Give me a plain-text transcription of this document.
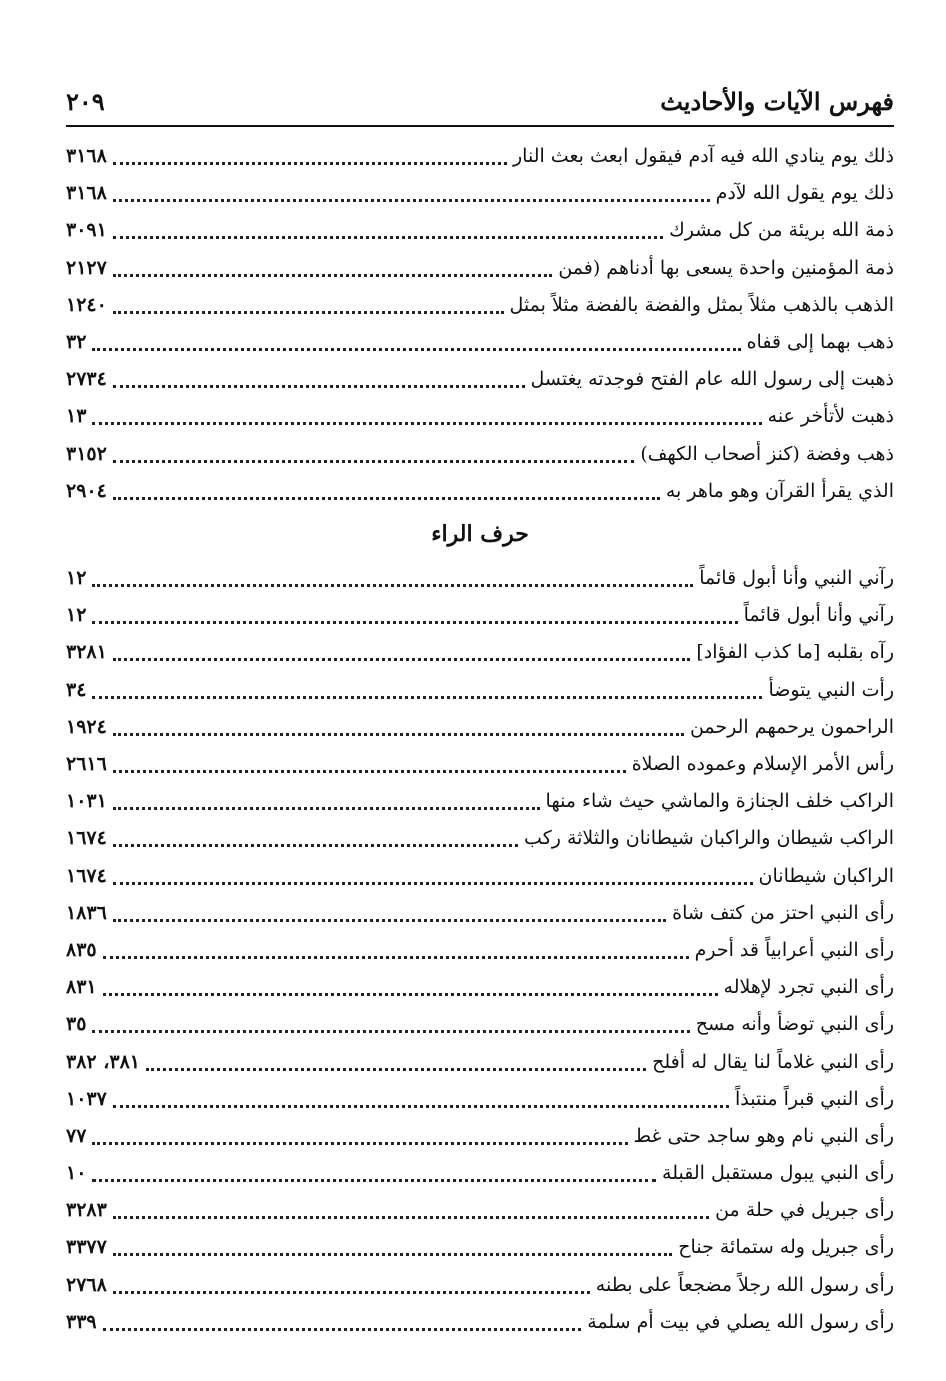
فهرس الآيات والأحاديث
٢٠٩
ذلك يوم ينادي الله فيه آدم فيقول ابعث بعث النار
٣١٦٨
ذلك يوم يقول الله لآدم
٣١٦٨
ذمة الله بريئة من كل مشرك
٣٠٩١
ذمة المؤمنين واحدة يسعى بها أدناهم (فمن
٢١٢٧
الذهب بالذهب مثلاً بمثل والفضة بالفضة مثلاً بمثل
١٢٤٠
ذهب بهما إلى قفاه
٣٢
ذهبت إلى رسول الله عام الفتح فوجدته يغتسل
٢٧٣٤
ذهبت لأتأخر عنه
١٣
ذهب وفضة (كنز أصحاب الكهف)
٣١٥٢
الذي يقرأ القرآن وهو ماهر به
٢٩٠٤
حرف الراء
رآني النبي وأنا أبول قائماً
١٢
رآني وأنا أبول قائماً
١٢
رآه بقلبه [ما كذب الفؤاد]
٣٢٨١
رأت النبي يتوضأ
٣٤
الراحمون يرحمهم الرحمن
١٩٢٤
رأس الأمر الإسلام وعموده الصلاة
٢٦١٦
الراكب خلف الجنازة والماشي حيث شاء منها
١٠٣١
الراكب شيطان والراكبان شيطانان والثلاثة ركب
١٦٧٤
الراكبان شيطانان
١٦٧٤
رأى النبي احتز من كتف شاة
١٨٣٦
رأى النبي أعرابياً قد أحرم
٨٣٥
رأى النبي تجرد لإهلاله
٨٣١
رأى النبي توضأ وأنه مسح
٣٥
رأى النبي غلاماً لنا يقال له أفلح
٣٨١، ٣٨٢
رأى النبي قبراً منتبذاً
١٠٣٧
رأى النبي نام وهو ساجد حتى غط
٧٧
رأى النبي يبول مستقبل القبلة
١٠
رأى جبريل في حلة من
٣٢٨٣
رأى جبريل وله ستمائة جناح
٣٣٧٧
رأى رسول الله رجلاً مضجعاً على بطنه
٢٧٦٨
رأى رسول الله يصلي في بيت أم سلمة
٣٣٩
